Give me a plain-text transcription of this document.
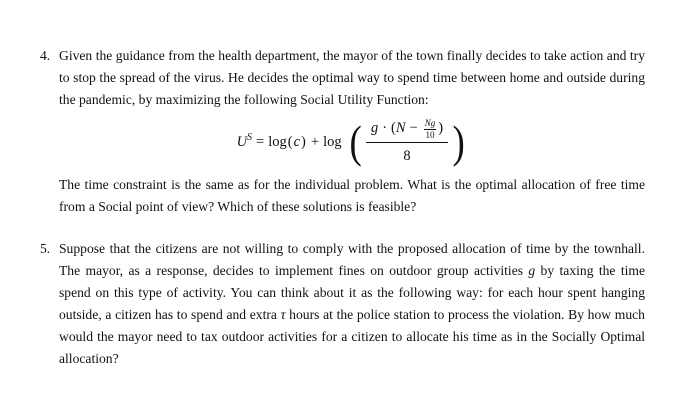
4. Given the guidance from the health department, the mayor of the town finally decides to take action and try to stop the spread of the virus. He decides the optimal way to spend time between home and outside during the pandemic, by maximizing the following Social Utility Function:

$U^S = \log(c) + \log$ ( g · ( $N - \frac{Ng}{10}$ )
8 )

The time constraint is the same as for the individual problem. What is the optimal allocation of free time from a Social point of view? Which of these solutions is feasible?

5. Suppose that the citizens are not willing to comply with the proposed allocation of time by the townhall. The mayor, as a response, decides to implement fines on outdoor group activities g by taxing the time spend on this type of activity. You can think about it as the following way: for each hour spent hanging outside, a citizen has to spend and extra τ hours at the police station to process the violation. By how much would the mayor need to tax outdoor activities for a citizen to allocate his time as in the Socially Optimal allocation?
